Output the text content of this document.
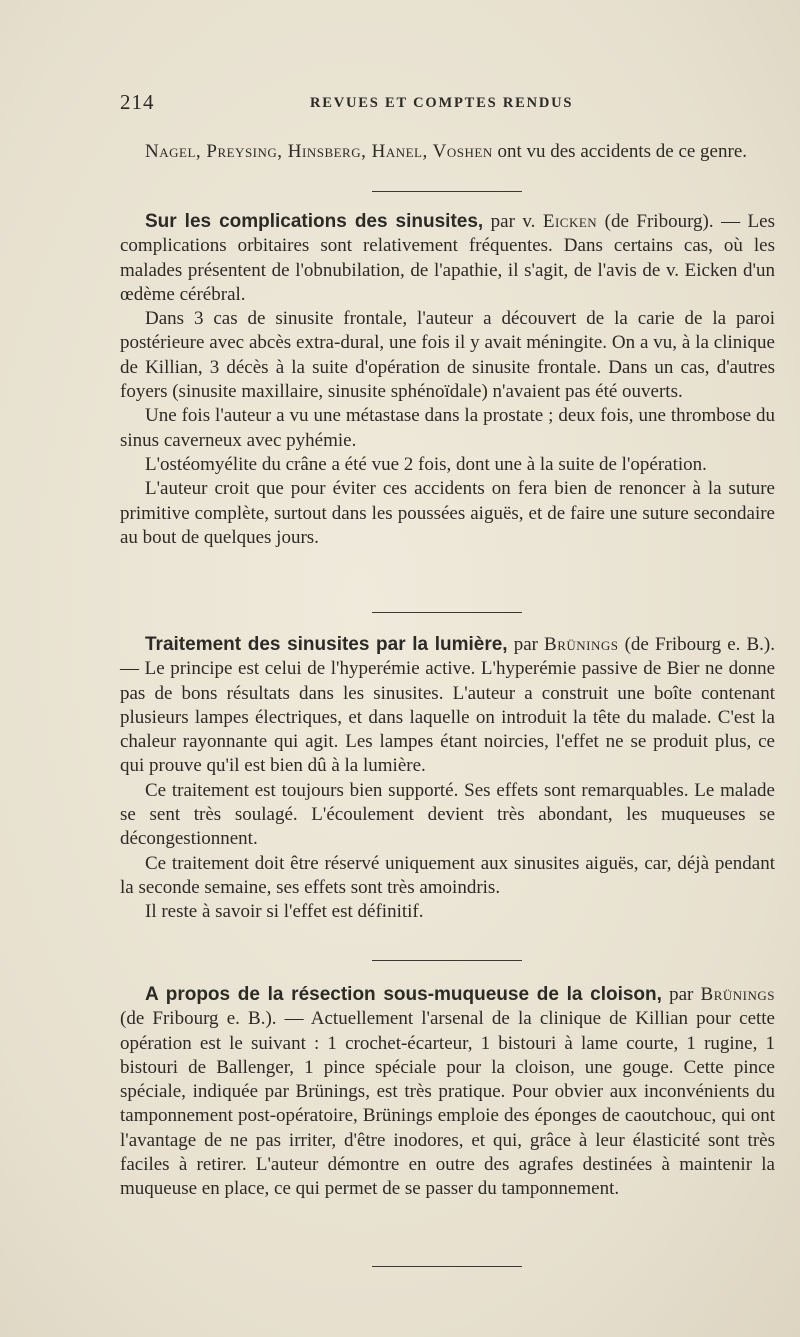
214	REVUES ET COMPTES RENDUS

Nagel, Preysing, Hinsberg, Hanel, Voshen ont vu des accidents de ce genre.

Sur les complications des sinusites, par v. Eicken (de Fribourg). — Les complications orbitaires sont relativement fréquentes. Dans certains cas, où les malades présentent de l'obnubilation, de l'apathie, il s'agit, de l'avis de v. Eicken d'un œdème cérébral.

Dans 3 cas de sinusite frontale, l'auteur a découvert de la carie de la paroi postérieure avec abcès extra-dural, une fois il y avait méningite. On a vu, à la clinique de Killian, 3 décès à la suite d'opération de sinusite frontale. Dans un cas, d'autres foyers (sinusite maxillaire, sinusite sphénoïdale) n'avaient pas été ouverts.

Une fois l'auteur a vu une métastase dans la prostate ; deux fois, une thrombose du sinus caverneux avec pyhémie.

L'ostéomyélite du crâne a été vue 2 fois, dont une à la suite de l'opération.

L'auteur croit que pour éviter ces accidents on fera bien de renoncer à la suture primitive complète, surtout dans les poussées aiguës, et de faire une suture secondaire au bout de quelques jours.

Traitement des sinusites par la lumière, par Brünings (de Fribourg e. B.). — Le principe est celui de l'hyperémie active. L'hyperémie passive de Bier ne donne pas de bons résultats dans les sinusites. L'auteur a construit une boîte contenant plusieurs lampes électriques, et dans laquelle on introduit la tête du malade. C'est la chaleur rayonnante qui agit. Les lampes étant noircies, l'effet ne se produit plus, ce qui prouve qu'il est bien dû à la lumière.

Ce traitement est toujours bien supporté. Ses effets sont remarquables. Le malade se sent très soulagé. L'écoulement devient très abondant, les muqueuses se décongestionnent.

Ce traitement doit être réservé uniquement aux sinusites aiguës, car, déjà pendant la seconde semaine, ses effets sont très amoindris.

Il reste à savoir si l'effet est définitif.

A propos de la résection sous-muqueuse de la cloison, par Brünings (de Fribourg e. B.). — Actuellement l'arsenal de la clinique de Killian pour cette opération est le suivant : 1 crochet-écarteur, 1 bistouri à lame courte, 1 rugine, 1 bistouri de Ballenger, 1 pince spéciale pour la cloison, une gouge. Cette pince spéciale, indiquée par Brünings, est très pratique. Pour obvier aux inconvénients du tamponnement post-opératoire, Brünings emploie des éponges de caoutchouc, qui ont l'avantage de ne pas irriter, d'être inodores, et qui, grâce à leur élasticité sont très faciles à retirer. L'auteur démontre en outre des agrafes destinées à maintenir la muqueuse en place, ce qui permet de se passer du tamponnement.
